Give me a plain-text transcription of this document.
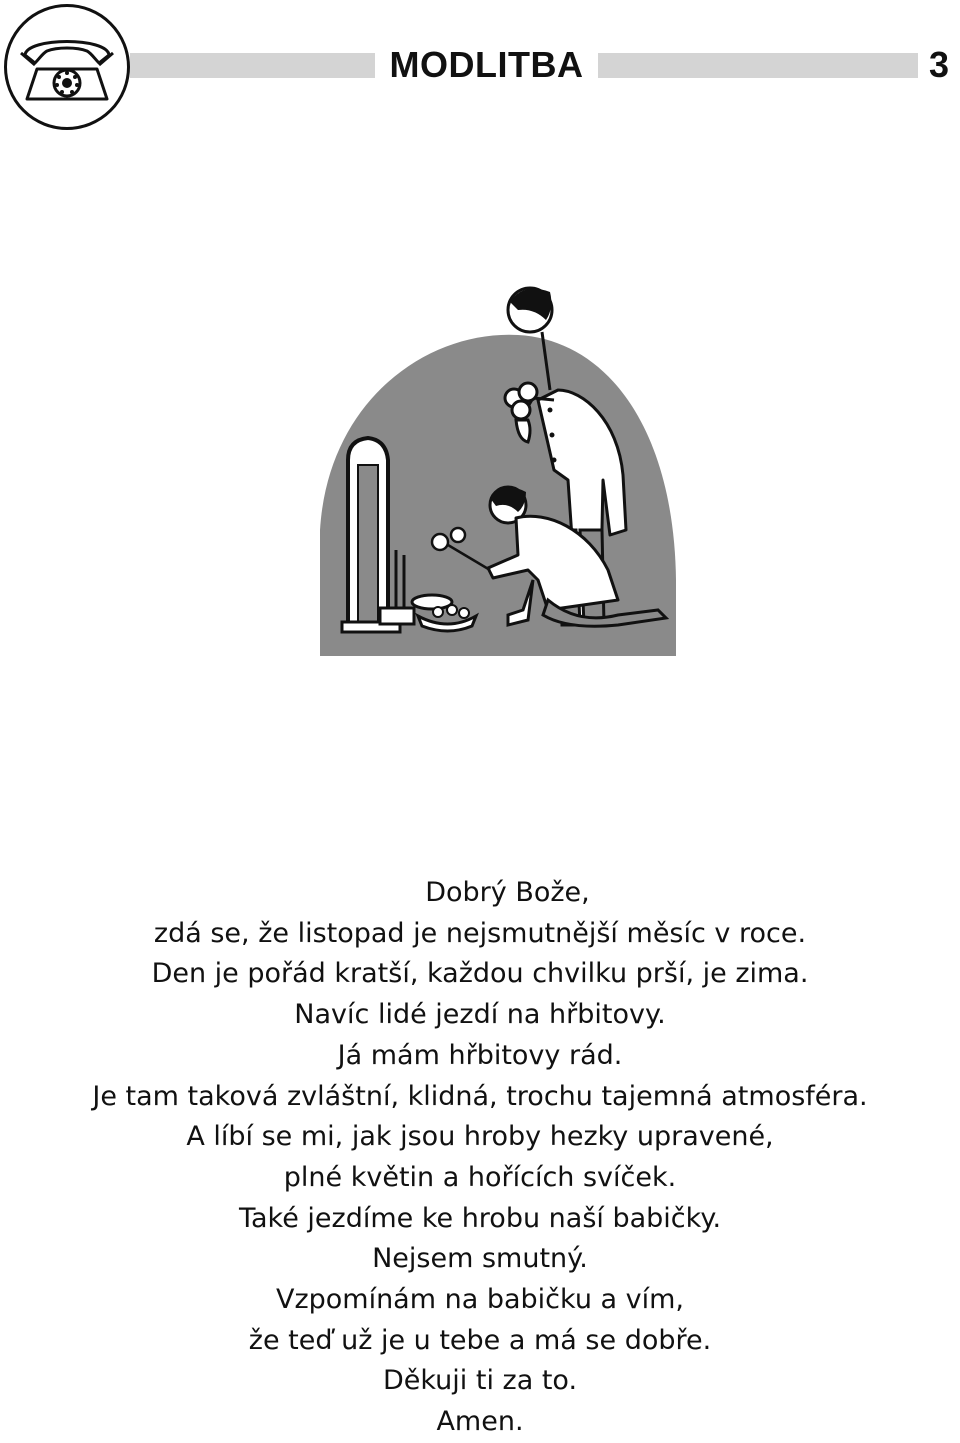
MODLITBA	3
Dobrý Bože,
zdá se, že listopad je nejsmutnější měsíc v roce.
Den je pořád kratší, každou chvilku prší, je zima.
Navíc lidé jezdí na hřbitovy.
Já mám hřbitovy rád.
Je tam taková zvláštní, klidná, trochu tajemná atmosféra.
A líbí se mi, jak jsou hroby hezky upravené,
plné květin a hořících svíček.
Také jezdíme ke hrobu naší babičky.
Nejsem smutný.
Vzpomínám na babičku a vím,
že teď už je u tebe a má se dobře.
Děkuji ti za to.
Amen.
